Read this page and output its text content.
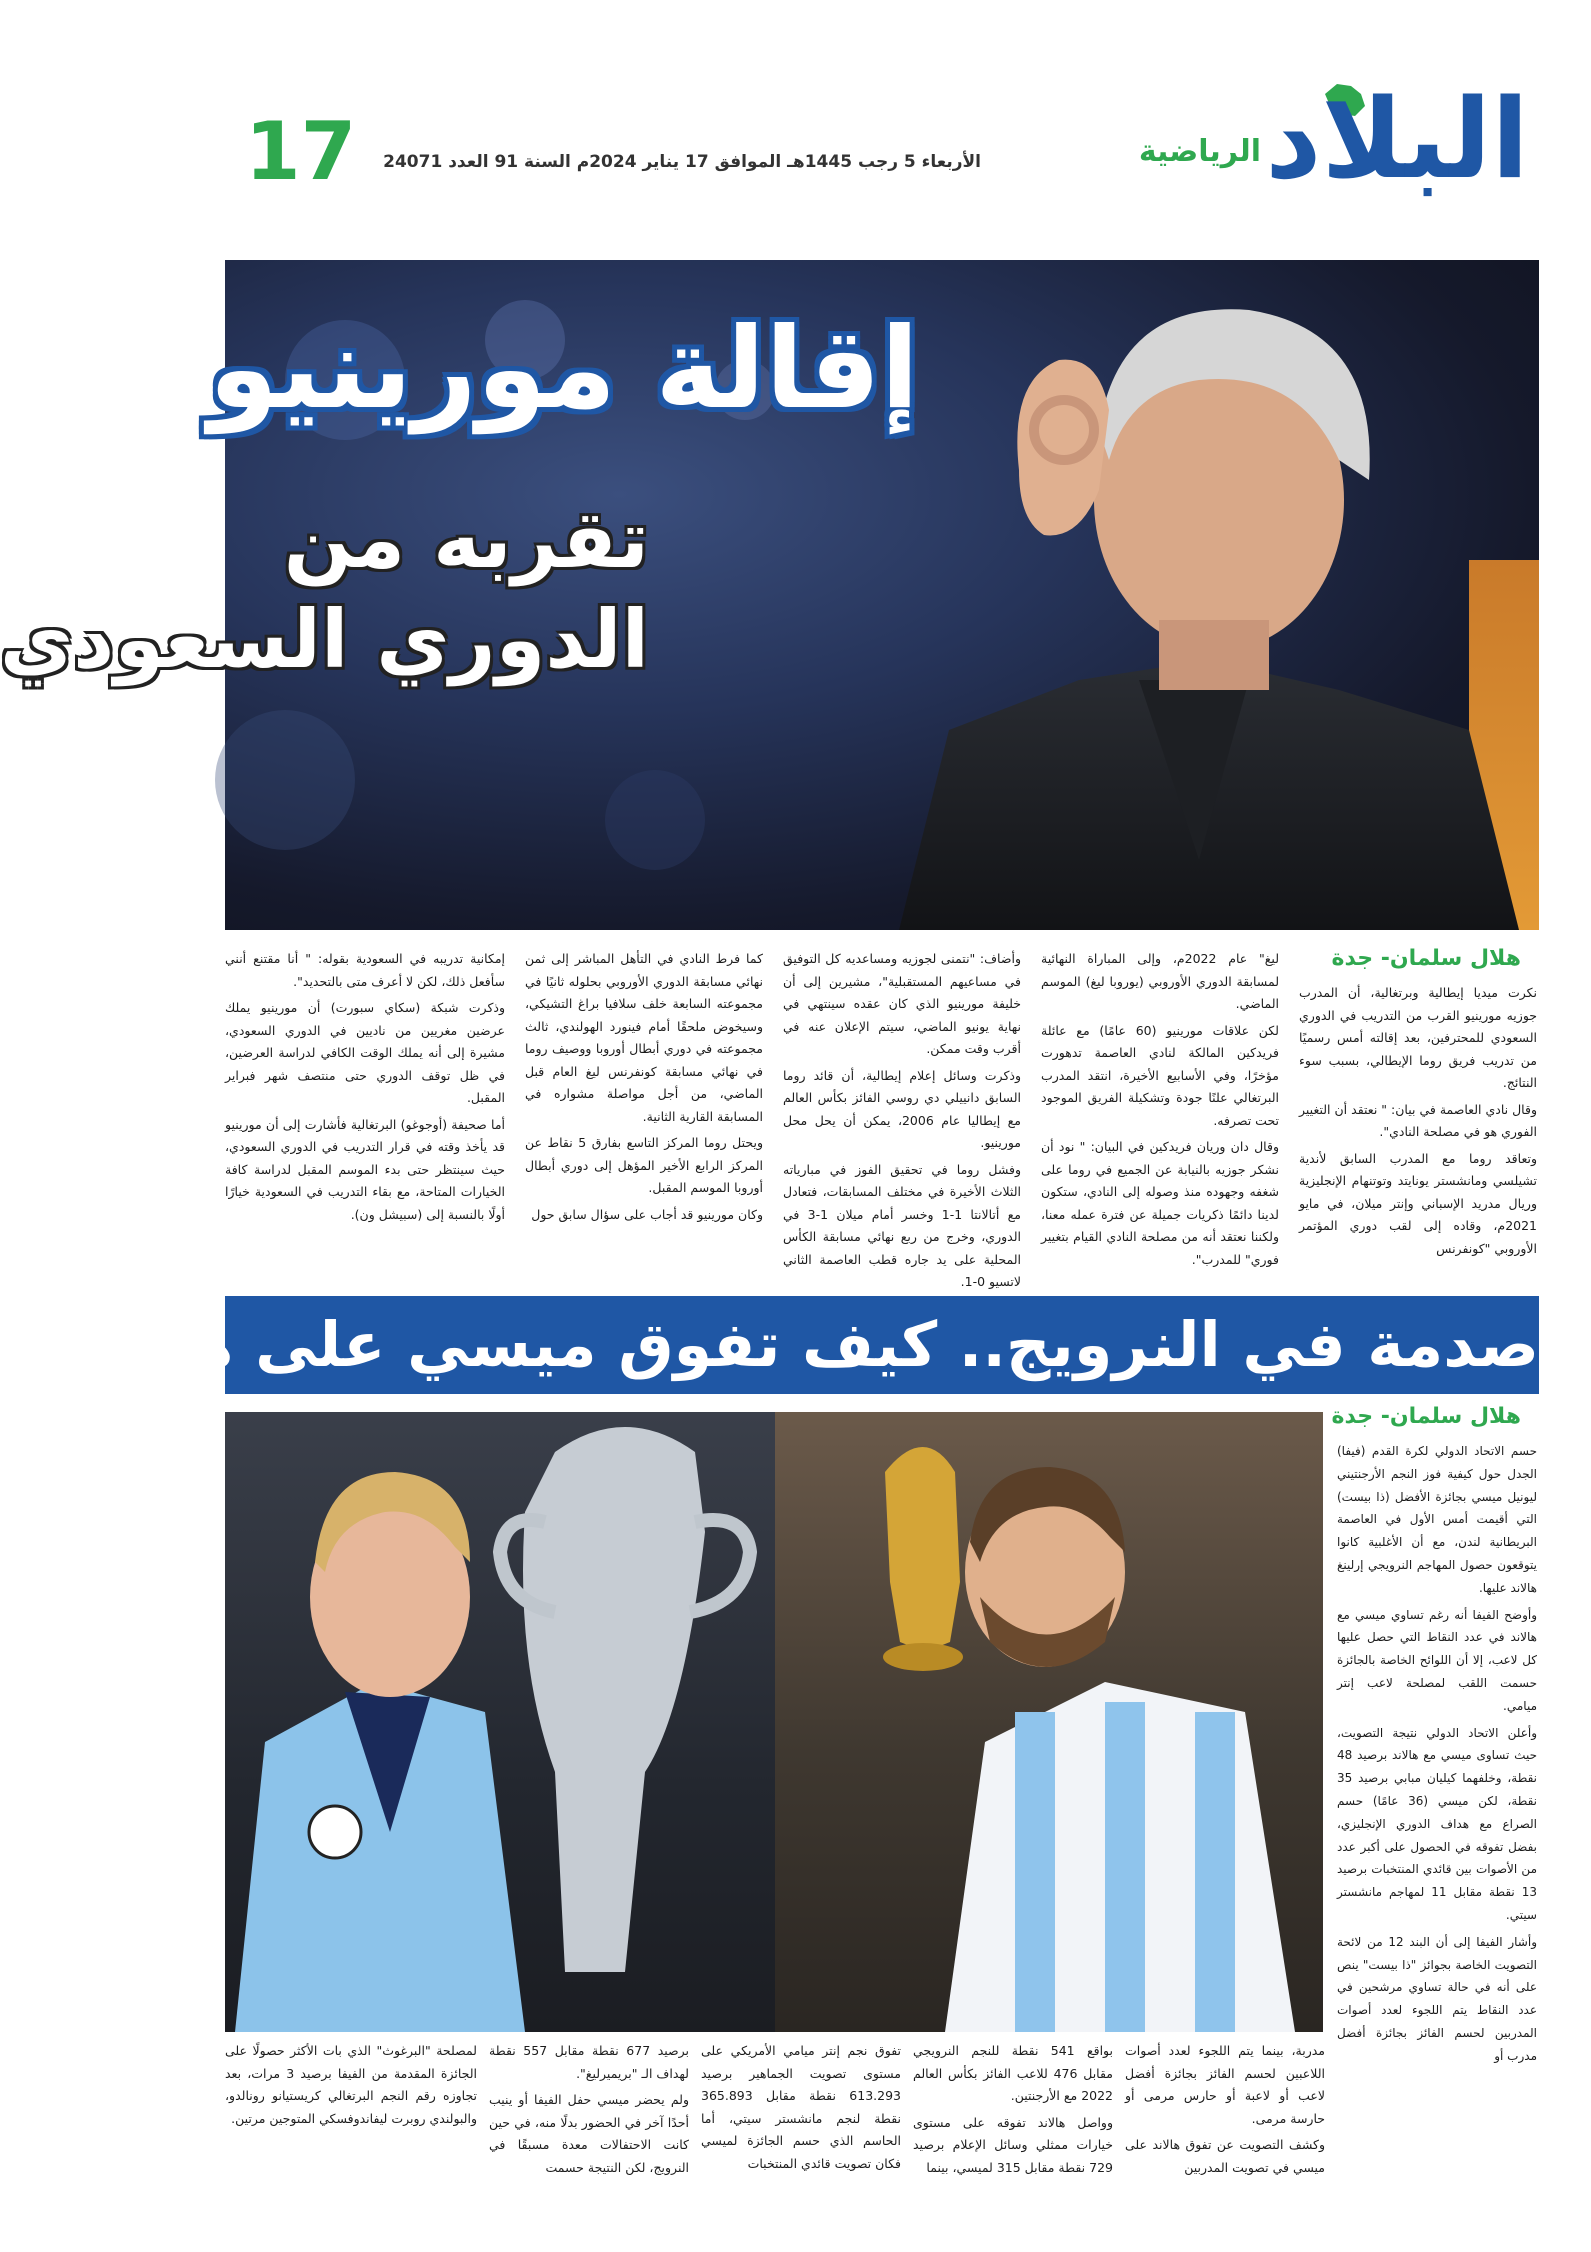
البلاد
الرياضية
الأربعاء 5 رجب 1445هـ الموافق 17 يناير 2024م السنة 91 العدد 24071
17
إقالة مورينيو
تقربه من
الدوري السعودي
هلال سلمان- جدة

نكرت ميديا إيطالية وبرتغالية، أن المدرب جوزيه مورينيو القرب من التدريب في الدوري السعودي للمحترفين، بعد إقالته أمس رسميًا من تدريب فريق روما الإيطالي، بسبب سوء النتائج.

وقال نادي العاصمة في بيان: " نعتقد أن التغيير الفوري هو في مصلحة النادي".

وتعاقد روما مع المدرب السابق لأندية تشيلسي ومانشستر يونايتد وتوتنهام الإنجليزية وريال مدريد الإسباني وإنتر ميلان، في مايو 2021م، وقاده إلى لقب دوري المؤتمر الأوروبي "كونفرنس

ليغ" عام 2022م، وإلى المباراة النهائية لمسابقة الدوري الأوروبي (يوروبا ليغ) الموسم الماضي.

لكن علاقات مورينيو (60 عامًا) مع عائلة فريدكين المالكة لنادي العاصمة تدهورت مؤخرًا، وفي الأسابيع الأخيرة، انتقد المدرب البرتغالي علنًا جودة وتشكيلة الفريق الموجود تحت تصرفه.

وقال دان وريان فريدكين في البيان: " نود أن نشكر جوزيه بالنيابة عن الجميع في روما على شغفه وجهوده منذ وصوله إلى النادي، ستكون لدينا دائمًا ذكريات جميلة عن فترة عمله معنا، ولكننا نعتقد أنه من مصلحة النادي القيام بتغيير فوري" للمدرب".

وأضاف: "نتمنى لجوزيه ومساعديه كل التوفيق في مساعيهم المستقبلية"، مشيرين إلى أن خليفة مورينيو الذي كان عقده سينتهي في نهاية يونيو الماضي، سيتم الإعلان عنه في أقرب وقت ممكن.

وذكرت وسائل إعلام إيطالية، أن قائد روما السابق دانييلي دي روسي الفائز بكأس العالم مع إيطاليا عام 2006، يمكن أن يحل محل مورينيو.

وفشل روما في تحقيق الفوز في مبارياته الثلاث الأخيرة في مختلف المسابقات، فتعادل مع أتالانتا 1-1 وخسر أمام ميلان 1-3 في الدوري، وخرج من ربع نهائي مسابقة الكأس المحلية على يد جاره قطب العاصمة الثاني لاتسيو 0-1.

كما فرط النادي في التأهل المباشر إلى ثمن نهائي مسابقة الدوري الأوروبي بحلوله ثانيًا في مجموعته السابعة خلف سلافيا براغ التشيكي، وسيخوض ملحقًا أمام فينورد الهولندي، ثالث مجموعته في دوري أبطال أوروبا ووصيف روما في نهائي مسابقة كونفرنس ليغ العام قبل الماضي، من أجل مواصلة مشواره في المسابقة القارية الثانية.

ويحتل روما المركز التاسع بفارق 5 نقاط عن المركز الرابع الأخير المؤهل إلى دوري أبطال أوروبا الموسم المقبل.

وكان مورينيو قد أجاب على سؤال سابق حول

إمكانية تدريبه في السعودية بقوله: " أنا مقتنع أنني سأفعل ذلك، لكن لا أعرف متى بالتحديد".

وذكرت شبكة (سكاي سبورت) أن مورينيو يملك عرضين مغريين من ناديين في الدوري السعودي، مشيرة إلى أنه يملك الوقت الكافي لدراسة العرضين، في ظل توقف الدوري حتى منتصف شهر فبراير المقبل.

أما صحيفة (أوجوغو) البرتغالية فأشارت إلى أن مورينيو قد يأخذ وقته في قرار التدريب في الدوري السعودي، حيث سينتظر حتى بدء الموسم المقبل لدراسة كافة الخيارات المتاحة، مع بقاء التدريب في السعودية خيارًا أولًا بالنسبة إلى (سبيشل ون).

صدمة في النرويج.. كيف تفوق ميسي على هالاند؟
هلال سلمان- جدة

حسم الاتحاد الدولي لكرة القدم (فيفا) الجدل حول كيفية فوز النجم الأرجنتيني ليونيل ميسي بجائزة الأفضل (ذا بيست) التي أقيمت أمس الأول في العاصمة البريطانية لندن، مع أن الأغلبية كانوا يتوقعون حصول المهاجم النرويجي إرلينغ هالاند عليها.

وأوضح الفيفا أنه رغم تساوي ميسي مع هالاند في عدد النقاط التي حصل عليها كل لاعب، إلا أن اللوائح الخاصة بالجائزة حسمت اللقب لمصلحة لاعب إنتر ميامي.

وأعلن الاتحاد الدولي نتيجة التصويت، حيث تساوى ميسي مع هالاند برصيد 48 نقطة، وخلفهما كيليان مبابي برصيد 35 نقطة، لكن ميسي (36 عامًا) حسم الصراع مع هداف الدوري الإنجليزي، بفضل تفوقه في الحصول على أكبر عدد من الأصوات بين قائدي المنتخبات برصيد 13 نقطة مقابل 11 لمهاجم مانشستر سيتي.

وأشار الفيفا إلى أن البند 12 من لائحة التصويت الخاصة بجوائز "ذا بيست" ينص على أنه في حالة تساوي مرشحين في عدد النقاط يتم اللجوء لعدد أصوات المدربين لحسم الفائز بجائزة أفضل مدرب أو

مدربة، بينما يتم اللجوء لعدد أصوات اللاعبين لحسم الفائز بجائزة أفضل لاعب أو لاعبة أو حارس مرمى أو حارسة مرمى.

وكشف التصويت عن تفوق هالاند على ميسي في تصويت المدربين

بواقع 541 نقطة للنجم النرويجي مقابل 476 للاعب الفائز بكأس العالم 2022 مع الأرجنتين.

وواصل هالاند تفوقه على مستوى خيارات ممثلي وسائل الإعلام برصيد 729 نقطة مقابل 315 لميسي، بينما

تفوق نجم إنتر ميامي الأمريكي على مستوى تصويت الجماهير برصيد 613.293 نقطة مقابل 365.893 نقطة لنجم مانشستر سيتي، أما الحاسم الذي حسم الجائزة لميسي فكان تصويت قائدي المنتخبات

برصيد 677 نقطة مقابل 557 نقطة لهداف الـ "بريميرليغ".

ولم يحضر ميسي حفل الفيفا أو ينيب أحدًا آخر في الحضور بدلًا منه، في حين كانت الاحتفالات معدة مسبقًا في النرويج، لكن النتيجة حسمت

لمصلحة "البرغوث" الذي بات الأكثر حصولًا على الجائزة المقدمة من الفيفا برصيد 3 مرات، بعد تجاوزه رقم النجم البرتغالي كريستيانو رونالدو، والبولندي روبرت ليفاندوفسكي المتوجين مرتين.
